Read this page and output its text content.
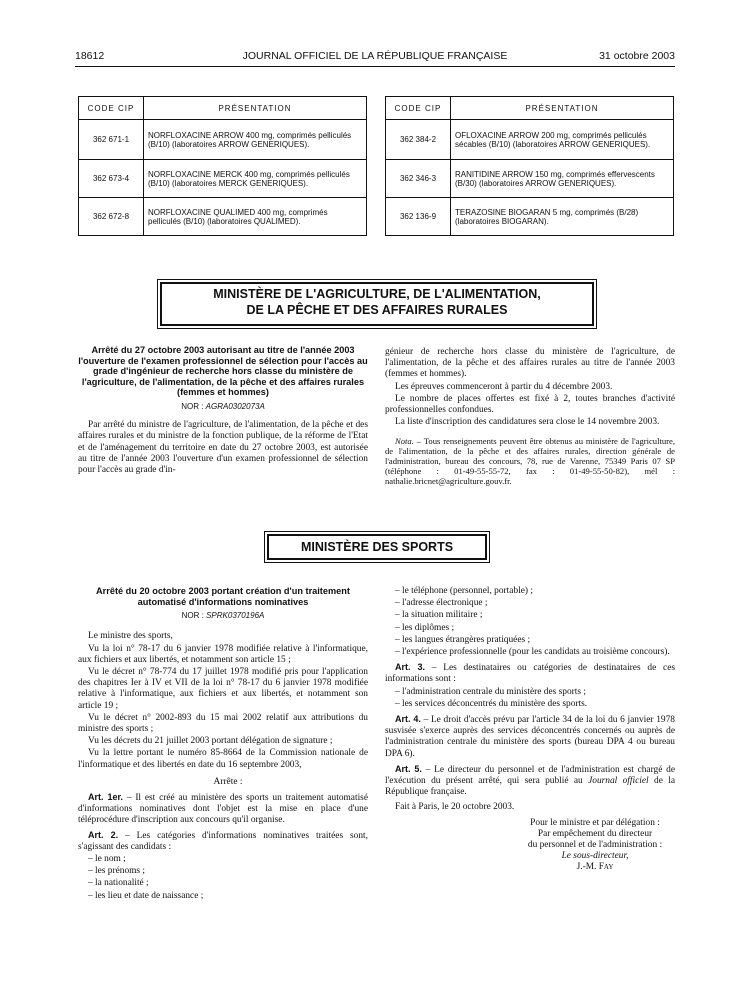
18612	JOURNAL OFFICIEL DE LA RÉPUBLIQUE FRANÇAISE	31 octobre 2003
CODE CIP	PRÉSENTATION
362 671-1	NORFLOXACINE ARROW 400 mg, comprimés pelliculés (B/10) (laboratoires ARROW GENERIQUES).
362 673-4	NORFLOXACINE MERCK 400 mg, comprimés pelliculés (B/10) (laboratoires MERCK GENERIQUES).
362 672-8	NORFLOXACINE QUALIMED 400 mg, comprimés pelliculés (B/10) (laboratoires QUALIMED).
CODE CIP	PRÉSENTATION
362 384-2	OFLOXACINE ARROW 200 mg, comprimés pelliculés sécables (B/10) (laboratoires ARROW GENERIQUES).
362 346-3	RANITIDINE ARROW 150 mg, comprimés effervescents (B/30) (laboratoires ARROW GENERIQUES).
362 136-9	TERAZOSINE BIOGARAN 5 mg, comprimés (B/28) (laboratoires BIOGARAN).
MINISTÈRE DE L'AGRICULTURE, DE L'ALIMENTATION,
DE LA PÊCHE ET DES AFFAIRES RURALES
Arrêté du 27 octobre 2003 autorisant au titre de l'année 2003 l'ouverture de l'examen professionnel de sélection pour l'accès au grade d'ingénieur de recherche hors classe du ministère de l'agriculture, de l'alimentation, de la pêche et des affaires rurales (femmes et hommes)
NOR : AGRA0302073A

Par arrêté du ministre de l'agriculture, de l'alimentation, de la pêche et des affaires rurales et du ministre de la fonction publique, de la réforme de l'Etat et de l'aménagement du territoire en date du 27 octobre 2003, est autorisée au titre de l'année 2003 l'ouverture d'un examen professionnel de sélection pour l'accès au grade d'in-

génieur de recherche hors classe du ministère de l'agriculture, de l'alimentation, de la pêche et des affaires rurales au titre de l'année 2003 (femmes et hommes).

Les épreuves commenceront à partir du 4 décembre 2003.

Le nombre de places offertes est fixé à 2, toutes branches d'activité professionnelles confondues.

La liste d'inscription des candidatures sera close le 14 novembre 2003.

Nota. – Tous renseignements peuvent être obtenus au ministère de l'agriculture, de l'alimentation, de la pêche et des affaires rurales, direction générale de l'administration, bureau des concours, 78, rue de Varenne, 75349 Paris 07 SP (téléphone : 01-49-55-55-72, fax : 01-49-55-50-82), mél : nathalie.bricnet@agriculture.gouv.fr.

MINISTÈRE DES SPORTS
Arrêté du 20 octobre 2003 portant création d'un traitement automatisé d'informations nominatives
NOR : SPRK0370196A

Le ministre des sports,

Vu la loi n° 78-17 du 6 janvier 1978 modifiée relative à l'informatique, aux fichiers et aux libertés, et notamment son article 15 ;

Vu le décret n° 78-774 du 17 juillet 1978 modifié pris pour l'application des chapitres Ier à IV et VII de la loi n° 78-17 du 6 janvier 1978 modifiée relative à l'informatique, aux fichiers et aux libertés, et notamment son article 19 ;

Vu le décret n° 2002-893 du 15 mai 2002 relatif aux attributions du ministre des sports ;

Vu les décrets du 21 juillet 2003 portant délégation de signature ;

Vu la lettre portant le numéro 85-8664 de la Commission nationale de l'informatique et des libertés en date du 16 septembre 2003,

Arrête :

Art. 1er. – Il est créé au ministère des sports un traitement automatisé d'informations nominatives dont l'objet est la mise en place d'une téléprocédure d'inscription aux concours qu'il organise.

Art. 2. – Les catégories d'informations nominatives traitées sont, s'agissant des candidats :

– le nom ;

– les prénoms ;

– la nationalité ;

– les lieu et date de naissance ;

– le téléphone (personnel, portable) ;

– l'adresse électronique ;

– la situation militaire ;

– les diplômes ;

– les langues étrangères pratiquées ;

– l'expérience professionnelle (pour les candidats au troisième concours).

Art. 3. – Les destinataires ou catégories de destinataires de ces informations sont :

– l'administration centrale du ministère des sports ;

– les services déconcentrés du ministère des sports.

Art. 4. – Le droit d'accès prévu par l'article 34 de la loi du 6 janvier 1978 susvisée s'exerce auprès des services déconcentrés concernés ou auprès de l'administration centrale du ministère des sports (bureau DPA 4 ou bureau DPA 6).

Art. 5. – Le directeur du personnel et de l'administration est chargé de l'exécution du présent arrêté, qui sera publié au Journal officiel de la République française.

Fait à Paris, le 20 octobre 2003.

Pour le ministre et par délégation :
Par empêchement du directeur
du personnel et de l'administration :
Le sous-directeur,
J.-M. Fay
